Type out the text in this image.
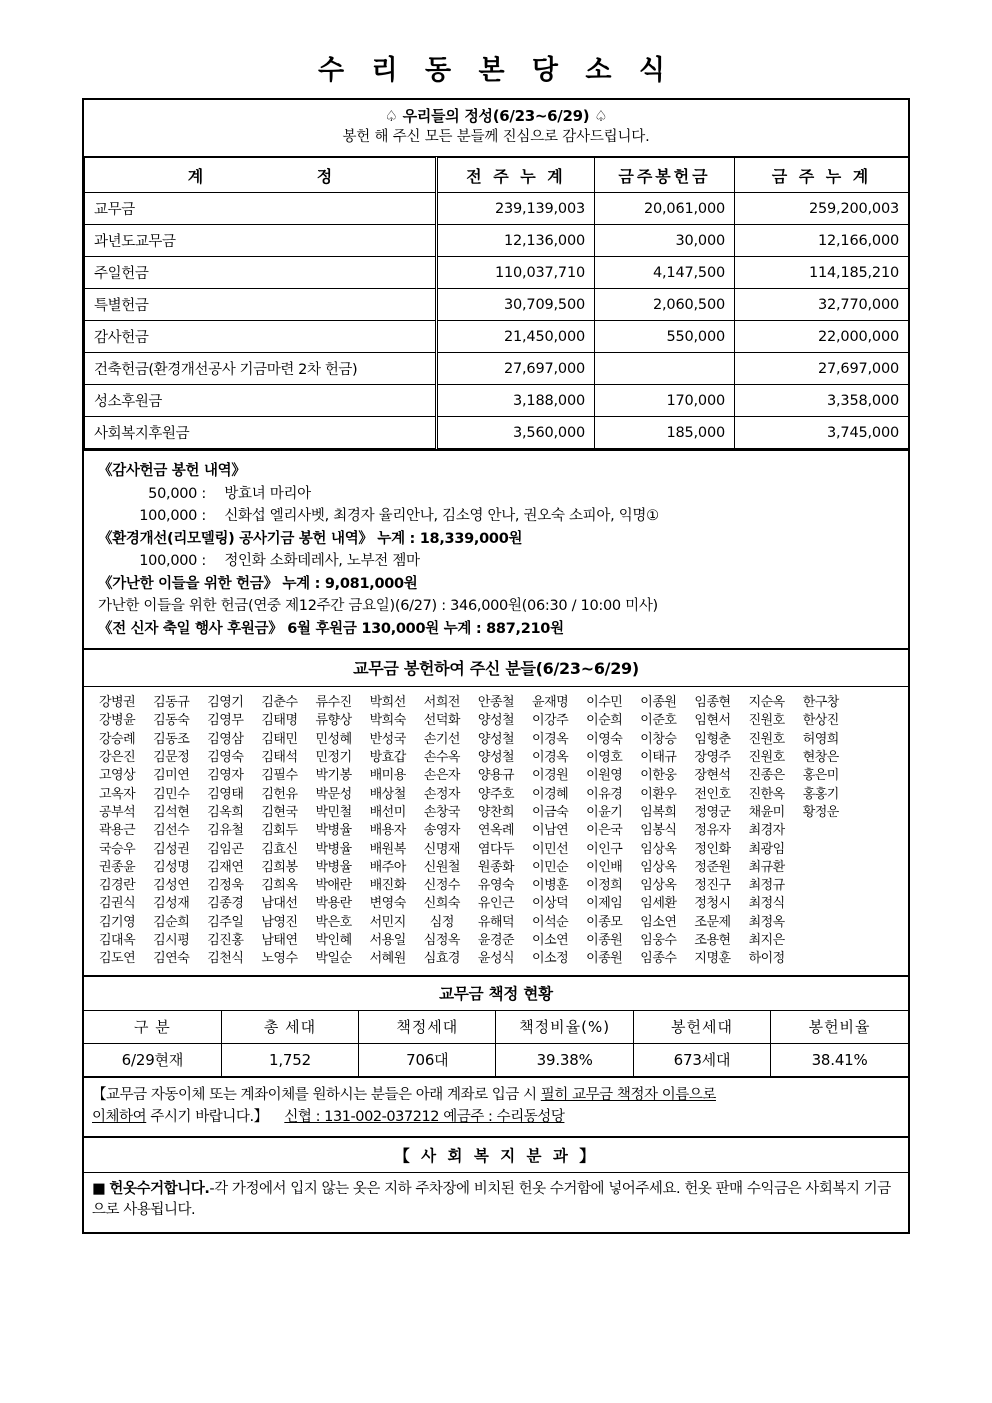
수 리 동 본 당 소 식
♤ 우리들의 정성(6/23~6/29) ♤
봉헌 해 주신 모든 분들께 진심으로 감사드립니다.
계 정	전 주 누 계	금주봉헌금	금 주 누 계
교무금	239,139,003	20,061,000	259,200,003
과년도교무금	12,136,000	30,000	12,166,000
주일헌금	110,037,710	4,147,500	114,185,210
특별헌금	30,709,500	2,060,500	32,770,000
감사헌금	21,450,000	550,000	22,000,000
건축헌금(환경개선공사 기금마련 2차 헌금)	27,697,000		27,697,000
성소후원금	3,188,000	170,000	3,358,000
사회복지후원금	3,560,000	185,000	3,745,000
《감사헌금 봉헌 내역》
50,000 : 방효녀 마리아
100,000 : 신화섭 엘리사벳, 최경자 율리안나, 김소영 안나, 권오숙 소피아, 익명①
《환경개선(리모델링) 공사기금 봉헌 내역》 누계 : 18,339,000원
100,000 : 정인화 소화데레사, 노부전 젬마
《가난한 이들을 위한 헌금》 누계 : 9,081,000원
가난한 이들을 위한 헌금(연중 제12주간 금요일)(6/27) : 346,000원(06:30 / 10:00 미사)
《전 신자 축일 행사 후원금》 6월 후원금 130,000원 누계 : 887,210원
교무금 봉헌하여 주신 분들(6/23~6/29)
강병권	김동규	김영기	김춘수	류수진	박희선	서희전	안종철	윤재명	이수민	이종원	임종현	지순옥	한구창

강병윤	김동숙	김영무	김태명	류향상	박희숙	선덕화	양성철	이강주	이순희	이준호	임현서	진원호	한상진

강승례	김동조	김영삼	김태민	민성혜	반성국	손기선	양성철	이경옥	이영숙	이창승	임형춘	진원호	허영희

강은진	김문정	김영숙	김태석	민정기	방효갑	손수옥	양성철	이경옥	이영호	이태규	장영주	진원호	현창은

고영상	김미연	김영자	김필수	박기봉	배미용	손은자	양용규	이경원	이원영	이한웅	장현석	진종은	홍은미

고옥자	김민수	김영태	김헌유	박문성	배상철	손정자	양주호	이경혜	이유경	이환우	전인호	진한옥	홍홍기

공부석	김석현	김옥희	김현국	박민철	배선미	손창국	양찬희	이금숙	이윤기	임복희	정영군	채윤미	황정운

곽용근	김선수	김유철	김회두	박병율	배용자	송영자	연옥례	이남연	이은국	임봉식	정유자	최경자

국승우	김성권	김임곤	김효신	박병율	배원복	신명재	염다두	이민선	이인구	임상옥	정인화	최광임

권종윤	김성명	김재연	김희봉	박병율	배주아	신원철	원종화	이민순	이인배	임상옥	정준원	최규환

김경란	김성연	김정욱	김희옥	박애란	배진화	신정수	유영숙	이병훈	이정희	임상옥	정진구	최정규

김권식	김성재	김종경	남대선	박용란	변영숙	신희숙	유인근	이상덕	이제임	임세환	정청시	최정식

김기영	김순희	김주일	남영진	박은호	서민지	심정	유해덕	이석순	이종모	임소연	조문제	최정옥

김대옥	김시평	김진홍	남태연	박인혜	서용일	심정옥	윤경준	이소연	이종원	임웅수	조용현	최지은

김도연	김연숙	김천식	노영수	박일순	서혜원	심효경	윤성식	이소정	이종원	임종수	지명훈	하이정

교무금 책정 현황
구 분	총 세대	책정세대	책정비율(%)	봉헌세대	봉헌비율
6/29현재	1,752	706대	39.38%	673세대	38.41%
【교무금 자동이체 또는 계좌이체를 원하시는 분들은 아래 계좌로 입금 시 필히 교무금 책정자 이름으로
이체하여 주시기 바랍니다.】 신협 : 131-002-037212 예금주 : 수리동성당
【 사 회 복 지 분 과 】
■ 헌옷수거합니다.-각 가정에서 입지 않는 옷은 지하 주차장에 비치된 헌옷 수거함에 넣어주세요. 헌옷 판매 수익금은 사회복지 기금으로 사용됩니다.
